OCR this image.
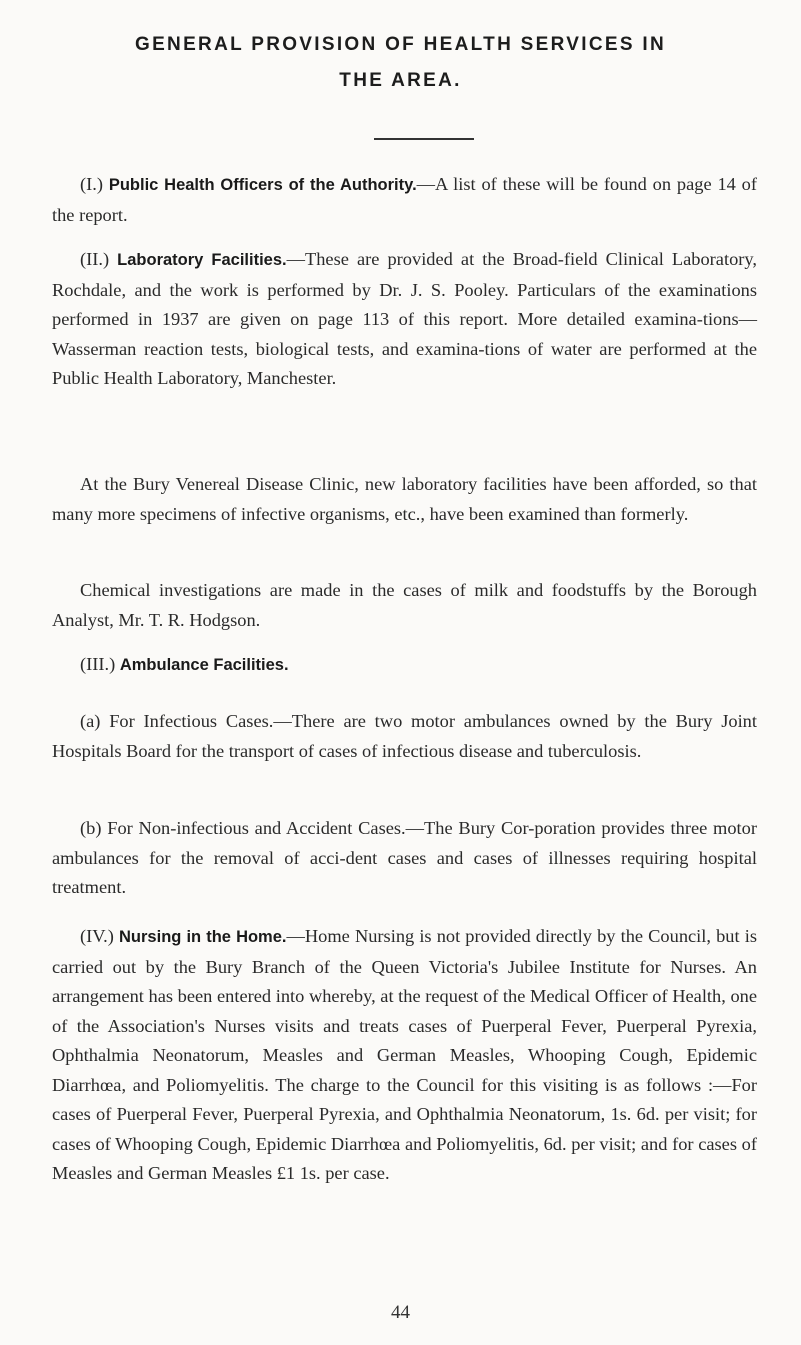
GENERAL PROVISION OF HEALTH SERVICES IN
THE AREA.
(I.) Public Health Officers of the Authority.—A list of these will be found on page 14 of the report.
(II.) Laboratory Facilities.—These are provided at the Broad-field Clinical Laboratory, Rochdale, and the work is performed by Dr. J. S. Pooley. Particulars of the examinations performed in 1937 are given on page 113 of this report. More detailed examina-tions—Wasserman reaction tests, biological tests, and examina-tions of water are performed at the Public Health Laboratory, Manchester.
At the Bury Venereal Disease Clinic, new laboratory facilities have been afforded, so that many more specimens of infective organisms, etc., have been examined than formerly.
Chemical investigations are made in the cases of milk and foodstuffs by the Borough Analyst, Mr. T. R. Hodgson.
(III.) Ambulance Facilities.
(a) For Infectious Cases.—There are two motor ambulances owned by the Bury Joint Hospitals Board for the transport of cases of infectious disease and tuberculosis.
(b) For Non-infectious and Accident Cases.—The Bury Cor-poration provides three motor ambulances for the removal of acci-dent cases and cases of illnesses requiring hospital treatment.
(IV.) Nursing in the Home.—Home Nursing is not provided directly by the Council, but is carried out by the Bury Branch of the Queen Victoria's Jubilee Institute for Nurses. An arrangement has been entered into whereby, at the request of the Medical Officer of Health, one of the Association's Nurses visits and treats cases of Puerperal Fever, Puerperal Pyrexia, Ophthalmia Neonatorum, Measles and German Measles, Whooping Cough, Epidemic Diarrhœa, and Poliomyelitis. The charge to the Council for this visiting is as follows :—For cases of Puerperal Fever, Puerperal Pyrexia, and Ophthalmia Neonatorum, 1s. 6d. per visit; for cases of Whooping Cough, Epidemic Diarrhœa and Poliomyelitis, 6d. per visit; and for cases of Measles and German Measles £1 1s. per case.
44
